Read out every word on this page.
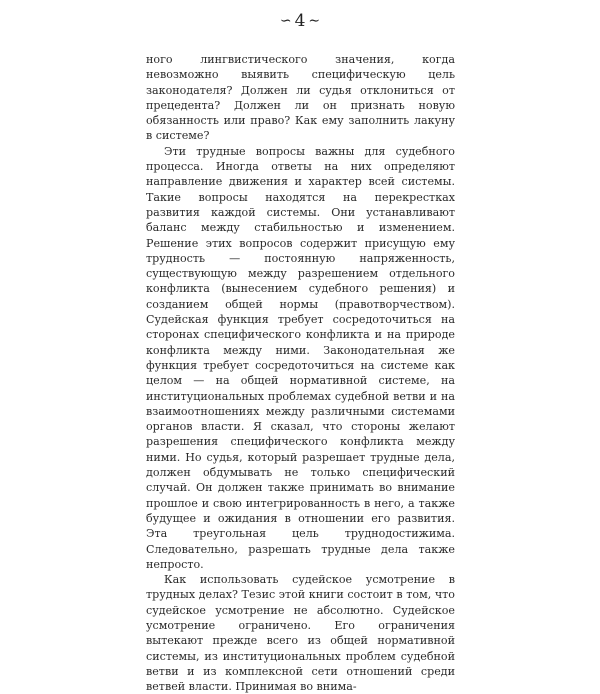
∽ 4 ∼

ного лингвистического значения, когда невозможно выявить специфическую цель законодателя? Должен ли судья отклониться от прецедента? Должен ли он признать новую обязанность или право? Как ему заполнить лакуну в системе?

Эти трудные вопросы важны для судебного процесса. Иногда ответы на них определяют направление движения и характер всей системы. Такие вопросы находятся на перекрестках развития каждой системы. Они устанавливают баланс между стабильностью и изменением. Решение этих вопросов содержит присущую ему трудность — постоянную напряженность, существующую между разрешением отдельного конфликта (вынесением судебного решения) и созданием общей нормы (правотворчеством). Судейская функция требует сосредоточиться на сторонах специфического конфликта и на природе конфликта между ними. Законодательная же функция требует сосредоточиться на системе как целом — на общей нормативной системе, на институциональных проблемах судебной ветви и на взаимоотношениях между различными системами органов власти. Я сказал, что стороны желают разрешения специфического конфликта между ними. Но судья, который разрешает трудные дела, должен обдумывать не только специфический случай. Он должен также принимать во внимание прошлое и свою интегрированность в него, а также будущее и ожидания в отношении его развития. Эта треугольная цель труднодостижима. Следовательно, разрешать трудные дела также непросто.

Как использовать судейское усмотрение в трудных делах? Тезис этой книги состоит в том, что судейское усмотрение не абсолютно. Судейское усмотрение ограничено. Его ограничения вытекают прежде всего из общей нормативной системы, из институциональных проблем судебной ветви и из комплексной сети отношений среди ветвей власти. Принимая во внима-
